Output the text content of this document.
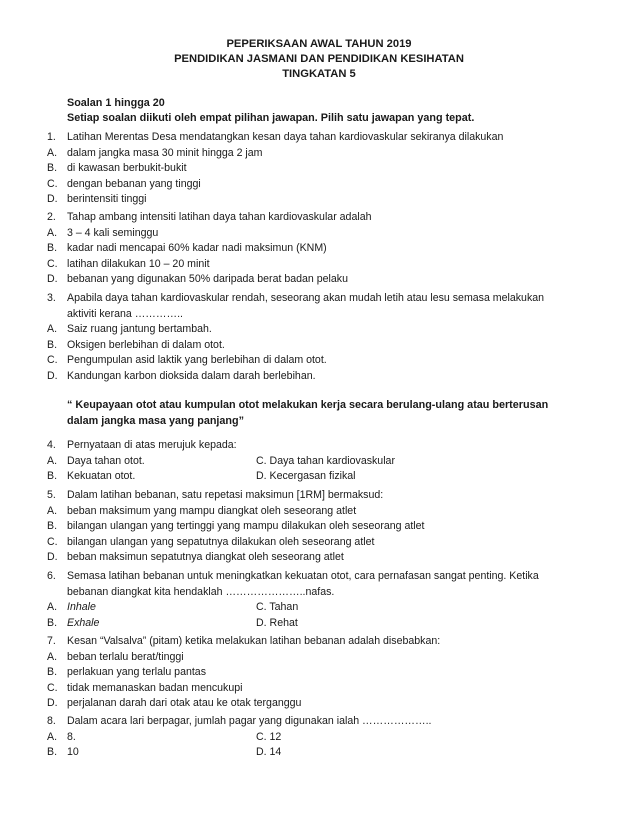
PEPERIKSAAN AWAL TAHUN 2019
PENDIDIKAN JASMANI DAN PENDIDIKAN KESIHATAN
TINGKATAN 5
Soalan 1 hingga 20
Setiap soalan diikuti oleh empat pilihan jawapan. Pilih satu jawapan yang tepat.
1. Latihan Merentas Desa mendatangkan kesan daya tahan kardiovaskular sekiranya dilakukan
A. dalam jangka masa 30 minit hingga 2 jam
B. di kawasan berbukit-bukit
C. dengan bebanan yang tinggi
D. berintensiti tinggi
2. Tahap ambang intensiti latihan daya tahan kardiovaskular adalah
A. 3 – 4 kali seminggu
B. kadar nadi mencapai 60% kadar nadi maksimun (KNM)
C. latihan dilakukan 10 – 20 minit
D. bebanan yang digunakan 50% daripada berat badan pelaku
3. Apabila daya tahan kardiovaskular rendah, seseorang akan mudah letih atau lesu semasa melakukan
aktiviti kerana …………..
A. Saiz ruang jantung bertambah.
B. Oksigen berlebihan di dalam otot.
C. Pengumpulan asid laktik yang berlebihan di dalam otot.
D. Kandungan karbon dioksida dalam darah berlebihan.
“ Keupayaan otot atau kumpulan otot melakukan kerja secara berulang-ulang atau berterusan
dalam jangka masa yang panjang”
4. Pernyataan di atas merujuk kepada:
A. Daya tahan otot.	C. Daya tahan kardiovaskular
B. Kekuatan otot.	D. Kecergasan fizikal
5. Dalam latihan bebanan, satu repetasi maksimun [1RM] bermaksud:
A. beban maksimum yang mampu diangkat oleh seseorang atlet
B. bilangan ulangan yang tertinggi yang mampu dilakukan oleh seseorang atlet
C. bilangan ulangan yang sepatutnya dilakukan oleh seseorang atlet
D. beban maksimun sepatutnya diangkat oleh seseorang atlet
6. Semasa latihan bebanan untuk meningkatkan kekuatan otot, cara pernafasan sangat penting. Ketika
bebanan diangkat kita hendaklah …………………..nafas.
A. Inhale	C. Tahan
B. Exhale	D. Rehat
7. Kesan “Valsalva” (pitam) ketika melakukan latihan bebanan adalah disebabkan:
A. beban terlalu berat/tinggi
B. perlakuan yang terlalu pantas
C. tidak memanaskan badan mencukupi
D. perjalanan darah dari otak atau ke otak terganggu
8. Dalam acara lari berpagar, jumlah pagar yang digunakan ialah ………………..
A. 8.	C. 12
B. 10	D. 14
